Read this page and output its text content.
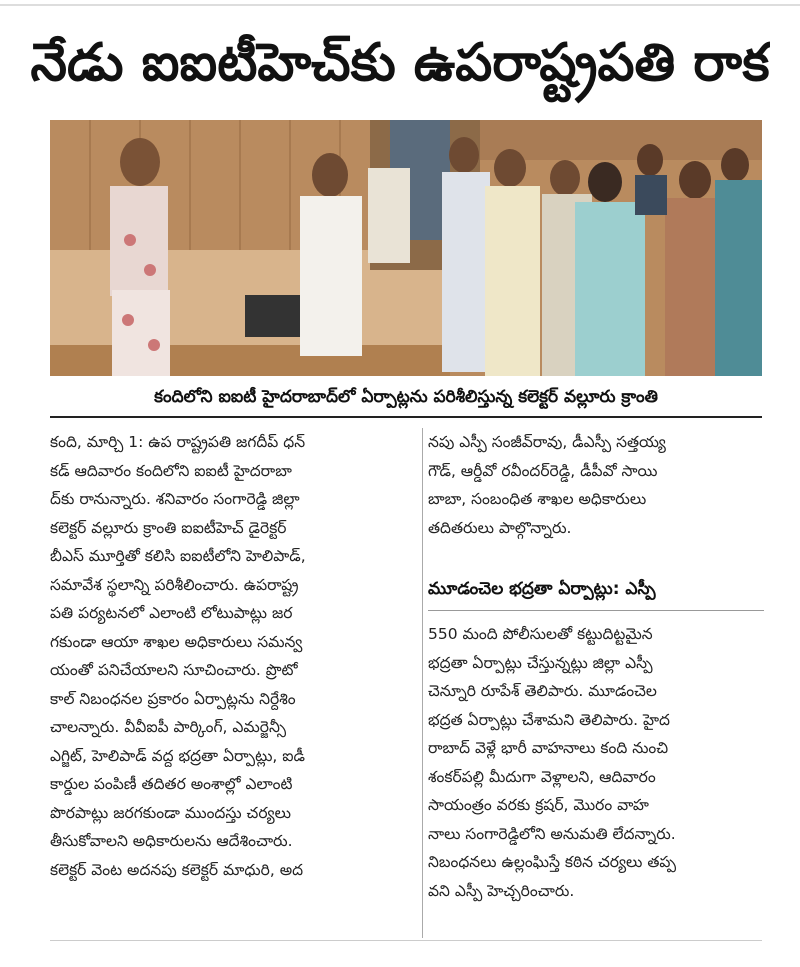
నేడు ఐఐటీహెచ్‌కు ఉపరాష్ట్రపతి రాక
కందిలోని ఐఐటీ హైదరాబాద్‌లో ఏర్పాట్లను పరిశీలిస్తున్న కలెక్టర్ వల్లూరు క్రాంతి
కంది, మార్చి 1: ఉప రాష్ట్రపతి జగదీప్ ధన్
కడ్ ఆదివారం కందిలోని ఐఐటీ హైదరాబా
ద్‌కు రానున్నారు. శనివారం సంగారెడ్డి జిల్లా
కలెక్టర్ వల్లూరు క్రాంతి ఐఐటీహెచ్ డైరెక్టర్
బీఎస్ మూర్తితో కలిసి ఐఐటీలోని హెలిపాడ్,
సమావేశ స్థలాన్ని పరిశీలించారు. ఉపరాష్ట్ర
పతి పర్యటనలో ఎలాంటి లోటుపాట్లు జర
గకుండా ఆయా శాఖల అధికారులు సమన్వ
యంతో పనిచేయాలని సూచించారు. ప్రొటో
కాల్ నిబంధనల ప్రకారం ఏర్పాట్లను నిర్దేశిం
చాలన్నారు. వీవీఐపీ పార్కింగ్, ఎమర్జెన్సీ
ఎగ్జిట్, హెలిపాడ్ వద్ద భద్రతా ఏర్పాట్లు, ఐడీ
కార్డుల పంపిణీ తదితర అంశాల్లో ఎలాంటి
పొరపాట్లు జరగకుండా ముందస్తు చర్యలు
తీసుకోవాలని అధికారులను ఆదేశించారు.
కలెక్టర్ వెంట అదనపు కలెక్టర్ మాధురి, అద
నపు ఎస్పీ సంజీవ్‌రావు, డీఎస్పీ సత్తయ్య
గౌడ్, ఆర్డీవో రవీందర్‌రెడ్డి, డీపీవో సాయి
బాబా, సంబంధిత శాఖల అధికారులు
తదితరులు పాల్గొన్నారు.
మూడంచెల భద్రతా ఏర్పాట్లు: ఎస్పీ
550 మంది పోలీసులతో కట్టుదిట్టమైన
భద్రతా ఏర్పాట్లు చేస్తున్నట్లు జిల్లా ఎస్పీ
చెన్నూరి రూపేశ్ తెలిపారు. మూడంచెల
భద్రత ఏర్పాట్లు చేశామని తెలిపారు. హైద
రాబాద్ వెళ్లే భారీ వాహనాలు కంది నుంచి
శంకర్‌పల్లి మీదుగా వెళ్లాలని, ఆదివారం
సాయంత్రం వరకు క్రషర్, మొరం వాహ
నాలు సంగారెడ్డిలోని అనుమతి లేదన్నారు.
నిబంధనలు ఉల్లంఘిస్తే కఠిన చర్యలు తప్ప
వని ఎస్పీ హెచ్చరించారు.
